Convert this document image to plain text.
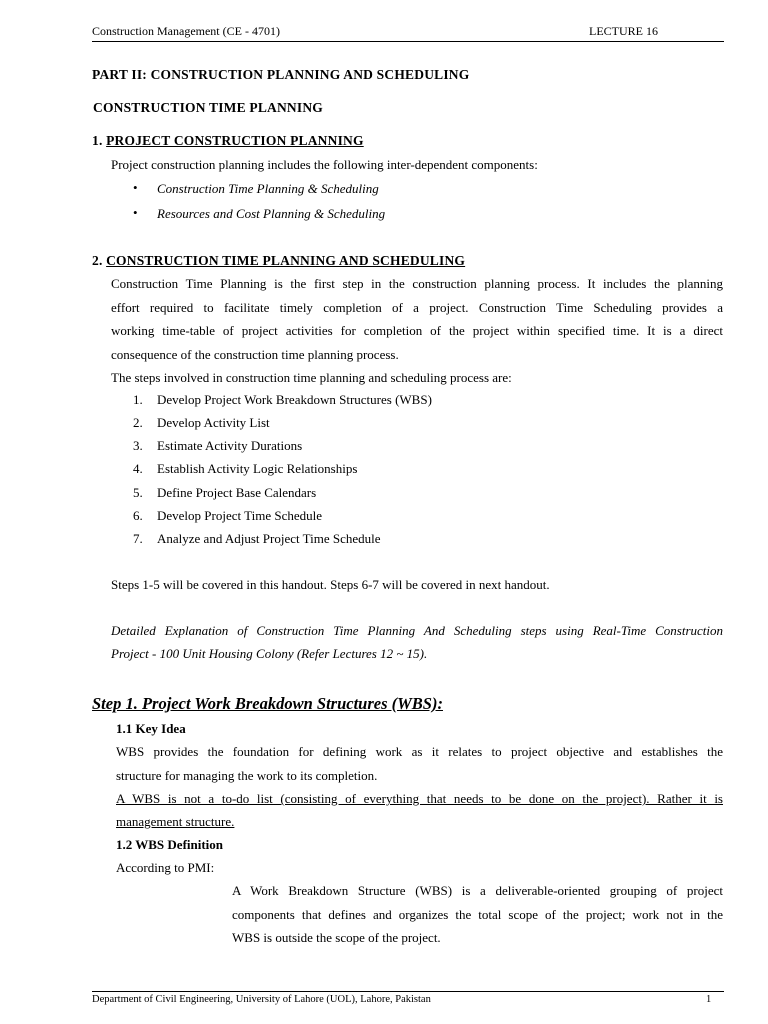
Construction Management (CE - 4701)	LECTURE 16
PART II: CONSTRUCTION PLANNING AND SCHEDULING
CONSTRUCTION TIME PLANNING
1. PROJECT CONSTRUCTION PLANNING
Project construction planning includes the following inter-dependent components:
• Construction Time Planning & Scheduling
• Resources and Cost Planning & Scheduling
2. CONSTRUCTION TIME PLANNING AND SCHEDULING
Construction Time Planning is the first step in the construction planning process. It includes the planning
effort required to facilitate timely completion of a project. Construction Time Scheduling provides a
working time-table of project activities for completion of the project within specified time. It is a direct
consequence of the construction time planning process.
The steps involved in construction time planning and scheduling process are:
1. Develop Project Work Breakdown Structures (WBS)
2. Develop Activity List
3. Estimate Activity Durations
4. Establish Activity Logic Relationships
5. Define Project Base Calendars
6. Develop Project Time Schedule
7. Analyze and Adjust Project Time Schedule
Steps 1-5 will be covered in this handout. Steps 6-7 will be covered in next handout.
Detailed Explanation of Construction Time Planning And Scheduling steps using Real-Time Construction
Project - 100 Unit Housing Colony (Refer Lectures 12 ~ 15).
Step 1. Project Work Breakdown Structures (WBS):
1.1 Key Idea
WBS provides the foundation for defining work as it relates to project objective and establishes the
structure for managing the work to its completion.
A WBS is not a to-do list (consisting of everything that needs to be done on the project). Rather it is
management structure.
1.2 WBS Definition
According to PMI:
A Work Breakdown Structure (WBS) is a deliverable-oriented grouping of project
components that defines and organizes the total scope of the project; work not in the
WBS is outside the scope of the project.
Department of Civil Engineering, University of Lahore (UOL), Lahore, Pakistan	1
